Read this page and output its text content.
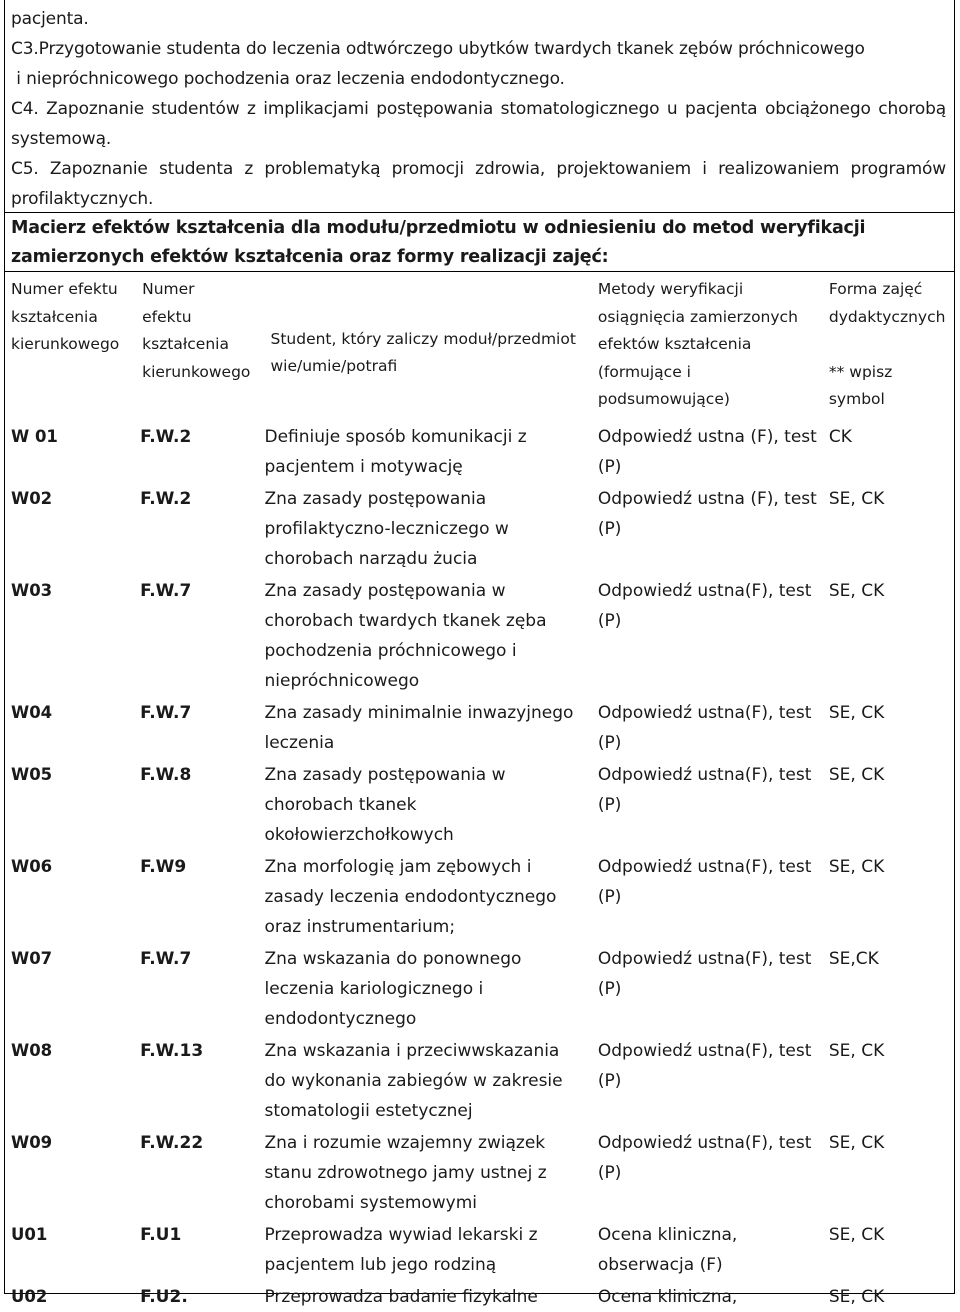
pacjenta.

C3.Przygotowanie studenta do leczenia odtwórczego ubytków twardych tkanek zębów próchnicowego

i niepróchnicowego pochodzenia oraz leczenia endodontycznego.

C4. Zapoznanie studentów z implikacjami postępowania stomatologicznego u pacjenta obciążonego chorobą systemową.

C5. Zapoznanie studenta z problematyką promocji zdrowia, projektowaniem i realizowaniem programów profilaktycznych.

Macierz efektów kształcenia dla modułu/przedmiotu w odniesieniu do metod weryfikacji zamierzonych efektów kształcenia oraz formy realizacji zajęć:
Numer efektu kształcenia kierunkowego	Numer efektu kształcenia kierunkowego	Student, który zaliczy moduł/przedmiot wie/umie/potrafi	Metody weryfikacji osiągnięcia zamierzonych efektów kształcenia (formujące i podsumowujące)	Forma zajęć dydaktycznych

** wpisz symbol
W 01	F.W.2	Definiuje sposób komunikacji z pacjentem i motywację	Odpowiedź ustna (F), test (P)	CK
W02	F.W.2	Zna zasady postępowania profilaktyczno-leczniczego w chorobach narządu żucia	Odpowiedź ustna (F), test (P)	SE, CK
W03	F.W.7	Zna zasady postępowania w chorobach twardych tkanek zęba pochodzenia próchnicowego i niepróchnicowego	Odpowiedź ustna(F), test (P)	SE, CK
W04	F.W.7	Zna zasady minimalnie inwazyjnego leczenia	Odpowiedź ustna(F), test (P)	SE, CK
W05	F.W.8	Zna zasady postępowania w chorobach tkanek okołowierzchołkowych	Odpowiedź ustna(F), test (P)	SE, CK
W06	F.W9	Zna morfologię jam zębowych i zasady leczenia endodontycznego oraz instrumentarium;	Odpowiedź ustna(F), test (P)	SE, CK
W07	F.W.7	Zna wskazania do ponownego leczenia kariologicznego i endodontycznego	Odpowiedź ustna(F), test (P)	SE,CK
W08	F.W.13	Zna wskazania i przeciwwskazania do wykonania zabiegów w zakresie stomatologii estetycznej	Odpowiedź ustna(F), test (P)	SE, CK
W09	F.W.22	Zna i rozumie wzajemny związek stanu zdrowotnego jamy ustnej z chorobami systemowymi	Odpowiedź ustna(F), test (P)	SE, CK
U01	F.U1	Przeprowadza wywiad lekarski z pacjentem lub jego rodziną	Ocena kliniczna, obserwacja (F)	SE, CK
U02	F.U2.	Przeprowadza badanie fizykalne	Ocena kliniczna,	SE, CK
